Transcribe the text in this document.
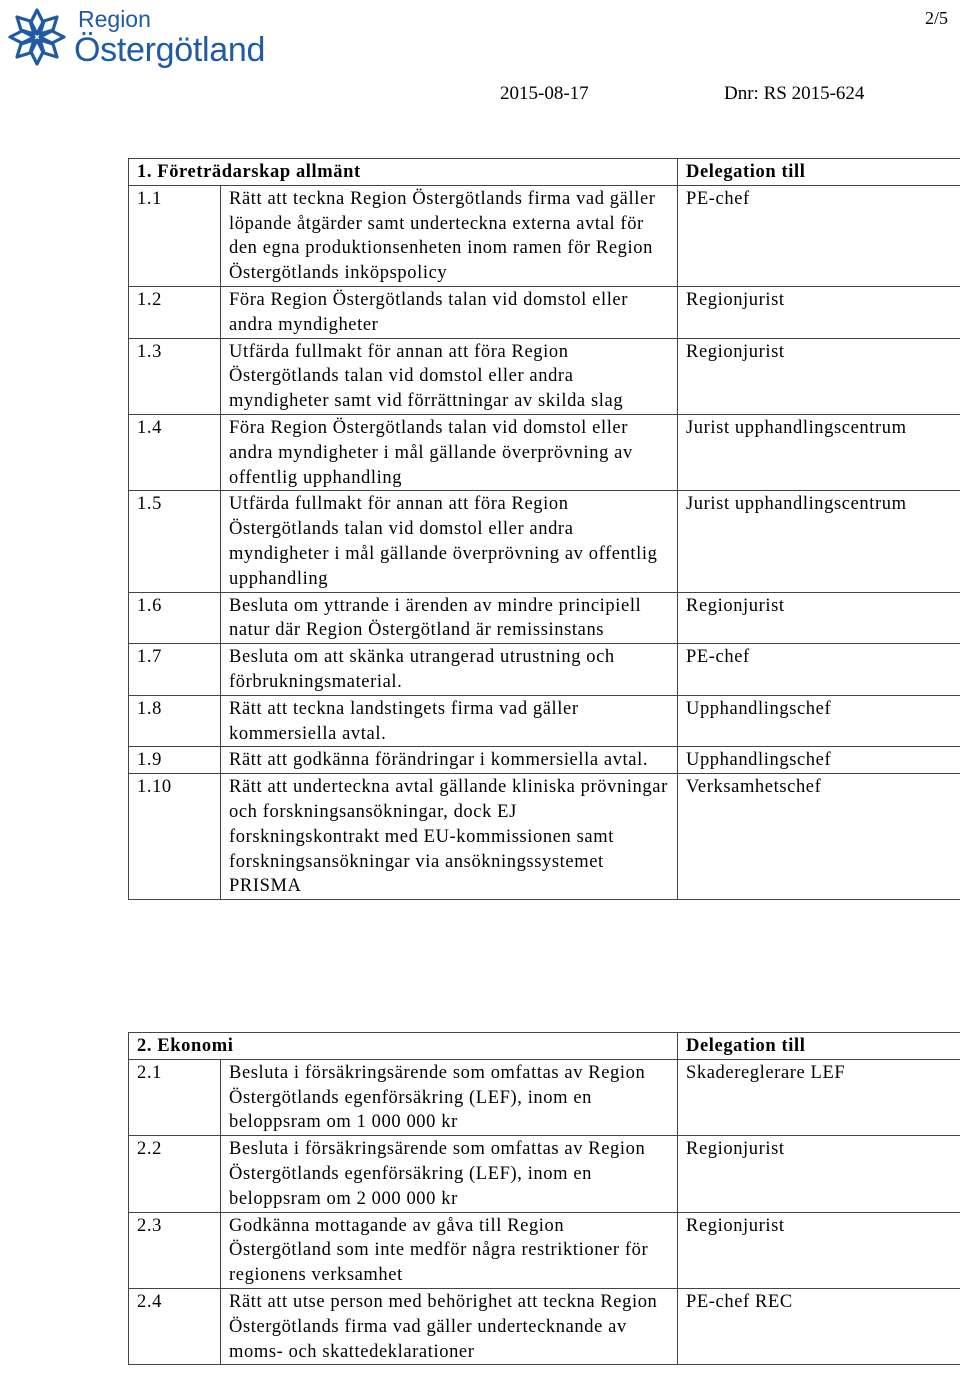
Region
Östergötland
2/5
2015-08-17	Dnr: RS 2015-624
1. Företrädarskap allmänt		Delegation till
1.1	Rätt att teckna Region Östergötlands firma vad gäller löpande åtgärder samt underteckna externa avtal för den egna produktionsenheten inom ramen för Region Östergötlands inköpspolicy	PE-chef
1.2	Föra Region Östergötlands talan vid domstol eller andra myndigheter	Regionjurist
1.3	Utfärda fullmakt för annan att föra Region Östergötlands talan vid domstol eller andra myndigheter samt vid förrättningar av skilda slag	Regionjurist
1.4	Föra Region Östergötlands talan vid domstol eller andra myndigheter i mål gällande överprövning av offentlig upphandling	Jurist upphandlingscentrum
1.5	Utfärda fullmakt för annan att föra Region Östergötlands talan vid domstol eller andra myndigheter i mål gällande överprövning av offentlig upphandling	Jurist upphandlingscentrum
1.6	Besluta om yttrande i ärenden av mindre principiell natur där Region Östergötland är remissinstans	Regionjurist
1.7	Besluta om att skänka utrangerad utrustning och förbrukningsmaterial.	PE-chef
1.8	Rätt att teckna landstingets firma vad gäller kommersiella avtal.	Upphandlingschef
1.9	Rätt att godkänna förändringar i kommersiella avtal.	Upphandlingschef
1.10	Rätt att underteckna avtal gällande kliniska prövningar och forskningsansökningar, dock EJ forskningskontrakt med EU-kommissionen samt forskningsansökningar via ansökningssystemet PRISMA	Verksamhetschef
2. Ekonomi		Delegation till
2.1	Besluta i försäkringsärende som omfattas av Region Östergötlands egenförsäkring (LEF), inom en beloppsram om 1 000 000 kr	Skadereglerare LEF
2.2	Besluta i försäkringsärende som omfattas av Region Östergötlands egenförsäkring (LEF), inom en beloppsram om 2 000 000 kr	Regionjurist
2.3	Godkänna mottagande av gåva till Region Östergötland som inte medför några restriktioner för regionens verksamhet	Regionjurist
2.4	Rätt att utse person med behörighet att teckna Region Östergötlands firma vad gäller undertecknande av moms- och skattedeklarationer	PE-chef REC
